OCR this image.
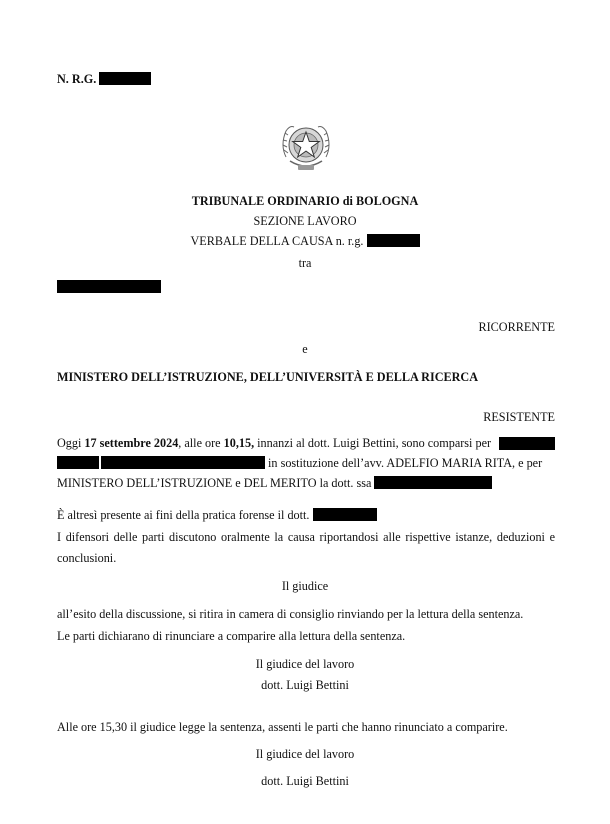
N. R.G.
TRIBUNALE ORDINARIO di BOLOGNA
SEZIONE LAVORO
VERBALE DELLA CAUSA n. r.g.
tra
RICORRENTE
e
MINISTERO DELL’ISTRUZIONE, DELL’UNIVERSITÀ E DELLA RICERCA
RESISTENTE
Oggi 17 settembre 2024, alle ore 10,15, innanzi al dott. Luigi Bettini, sono comparsi per
in sostituzione dell’avv. ADELFIO MARIA RITA, e per
MINISTERO DELL’ISTRUZIONE e DEL MERITO la dott. ssa
È altresì presente ai fini della pratica forense il dott.
I difensori delle parti discutono oralmente la causa riportandosi alle rispettive istanze, deduzioni e conclusioni.
Il giudice
all’esito della discussione, si ritira in camera di consiglio rinviando per la lettura della sentenza.
Le parti dichiarano di rinunciare a comparire alla lettura della sentenza.
Il giudice del lavoro
dott. Luigi Bettini
Alle ore 15,30 il giudice legge la sentenza, assenti le parti che hanno rinunciato a comparire.
Il giudice del lavoro
dott. Luigi Bettini
